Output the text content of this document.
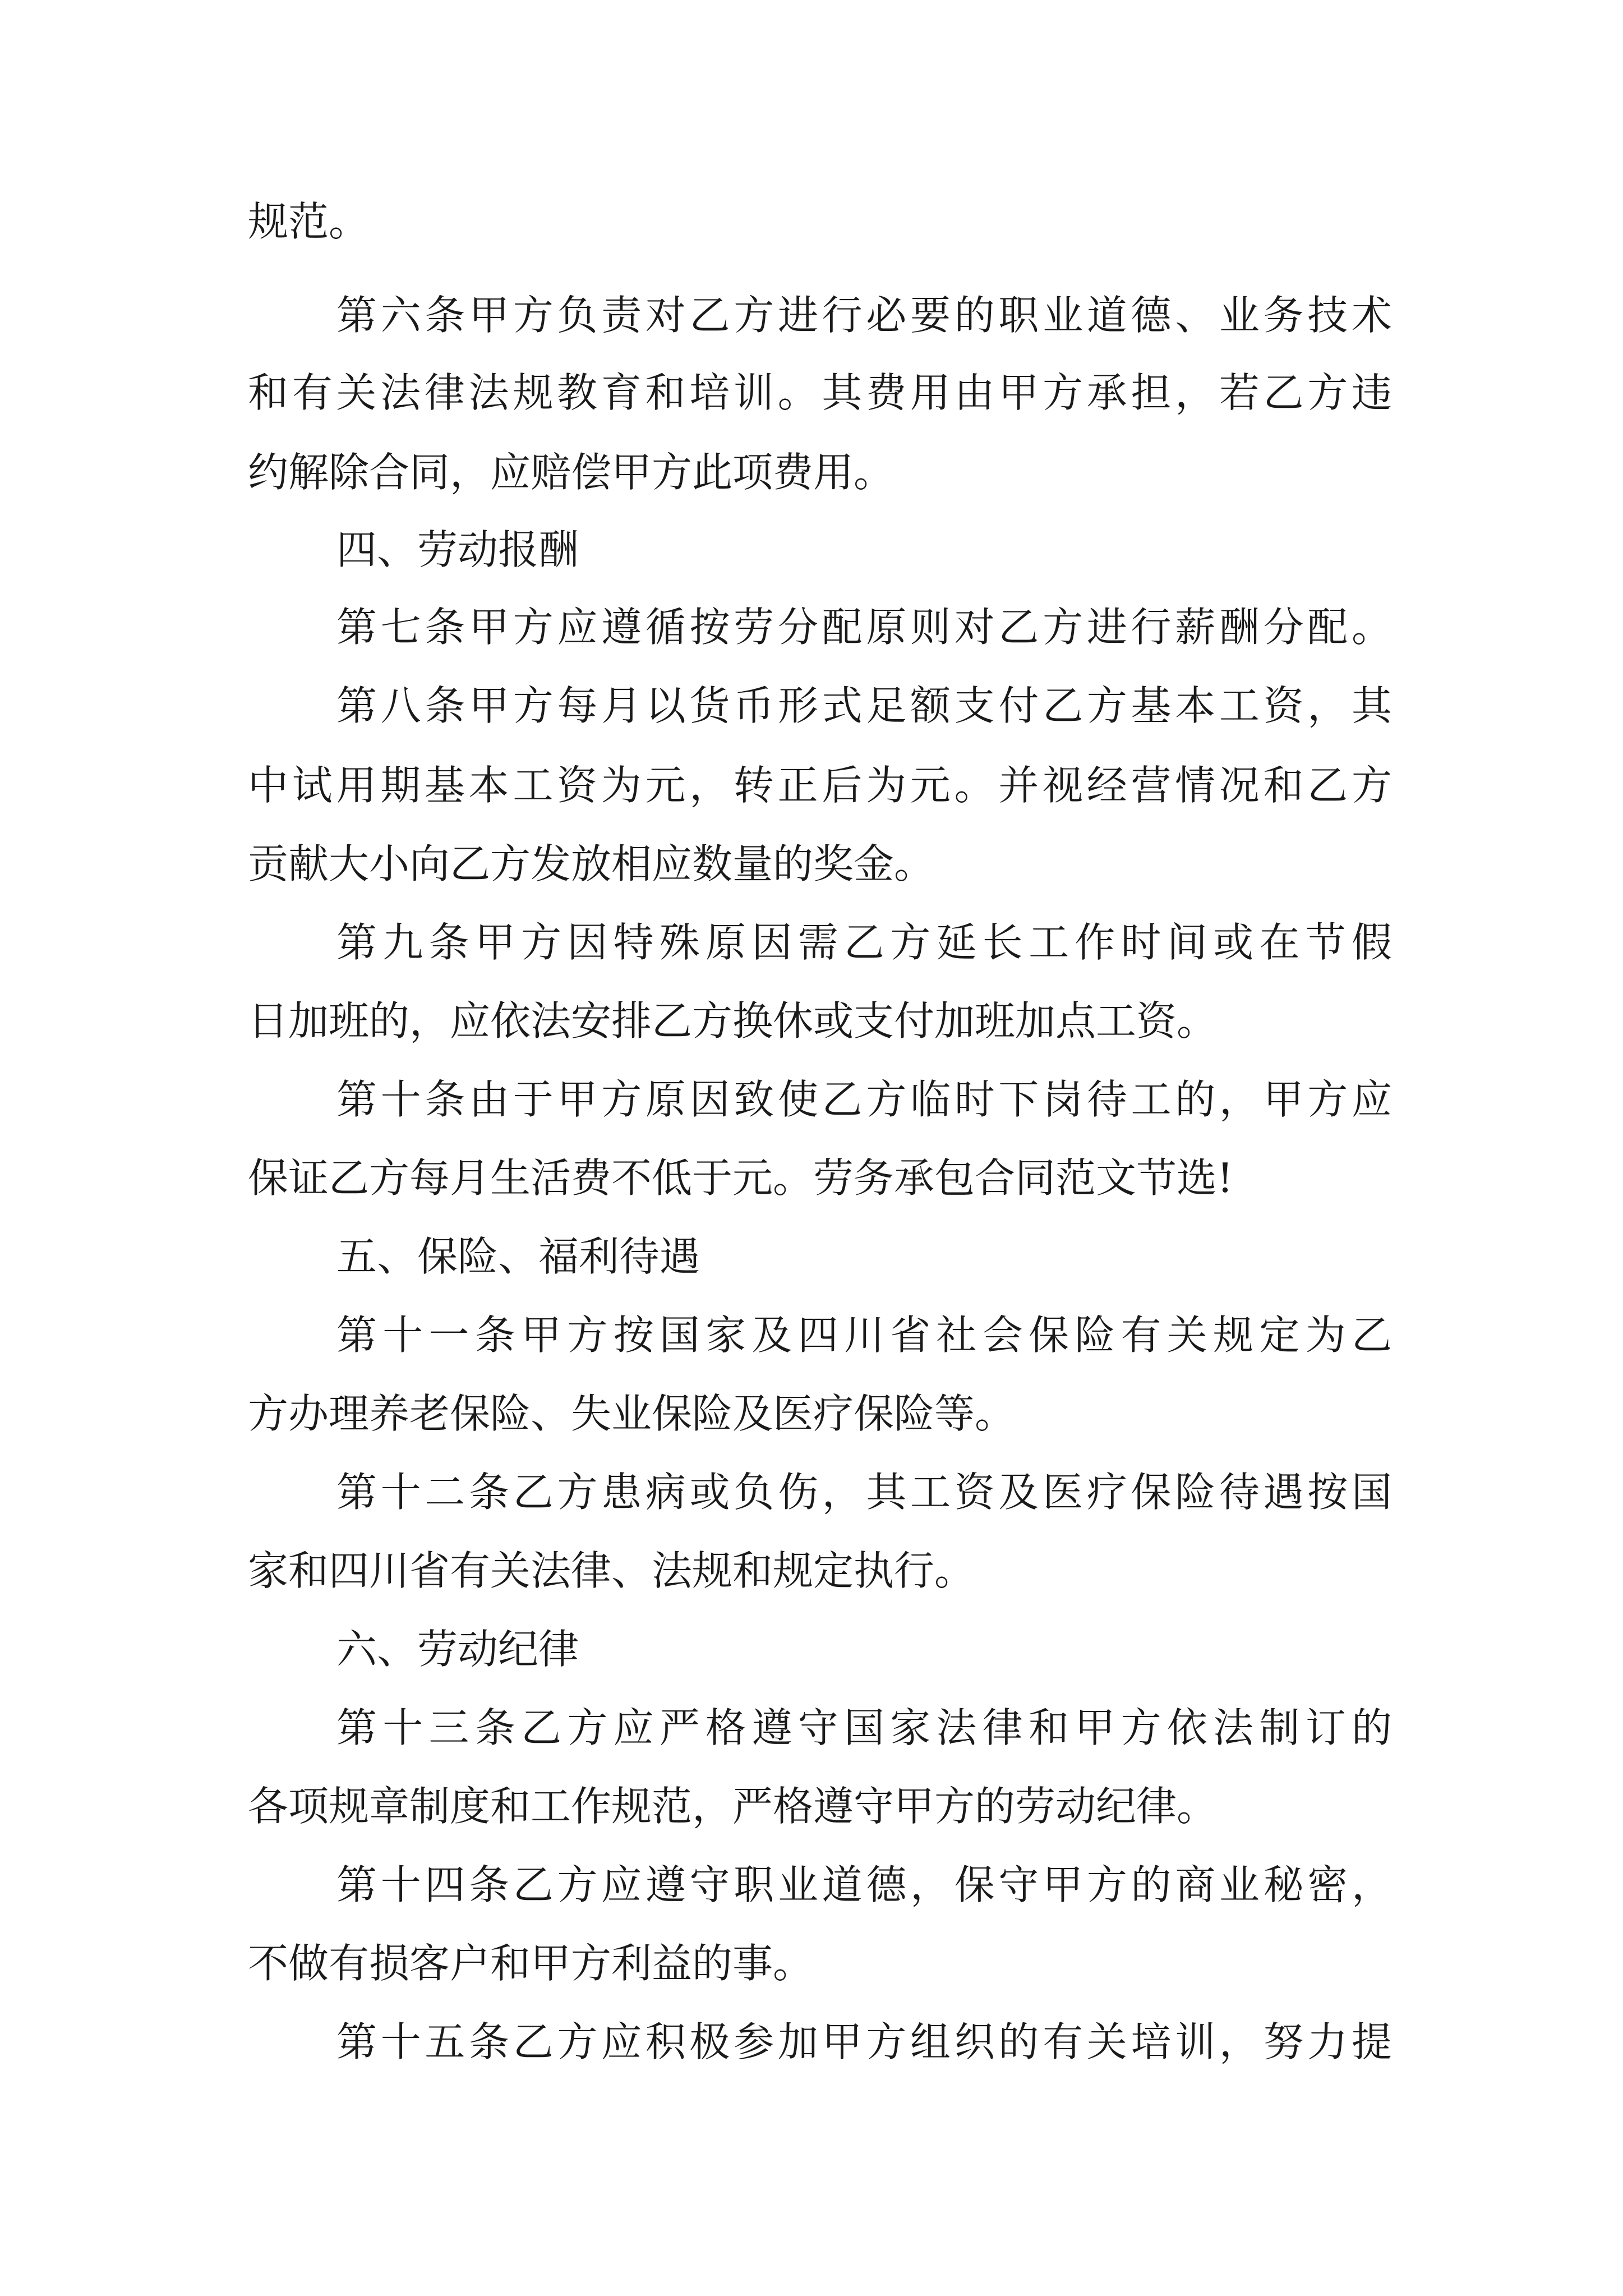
规范。
第六条甲方负责对乙方进行必要的职业道德、业务技术
和有关法律法规教育和培训。其费用由甲方承担，若乙方违
约解除合同，应赔偿甲方此项费用。
四、劳动报酬
第七条甲方应遵循按劳分配原则对乙方进行薪酬分配。
第八条甲方每月以货币形式足额支付乙方基本工资，其
中试用期基本工资为元，转正后为元。并视经营情况和乙方
贡献大小向乙方发放相应数量的奖金。
第九条甲方因特殊原因需乙方延长工作时间或在节假
日加班的，应依法安排乙方换休或支付加班加点工资。
第十条由于甲方原因致使乙方临时下岗待工的，甲方应
保证乙方每月生活费不低于元。劳务承包合同范文节选!
五、保险、福利待遇
第十一条甲方按国家及四川省社会保险有关规定为乙
方办理养老保险、失业保险及医疗保险等。
第十二条乙方患病或负伤，其工资及医疗保险待遇按国
家和四川省有关法律、法规和规定执行。
六、劳动纪律
第十三条乙方应严格遵守国家法律和甲方依法制订的
各项规章制度和工作规范，严格遵守甲方的劳动纪律。
第十四条乙方应遵守职业道德，保守甲方的商业秘密，
不做有损客户和甲方利益的事。
第十五条乙方应积极参加甲方组织的有关培训，努力提
